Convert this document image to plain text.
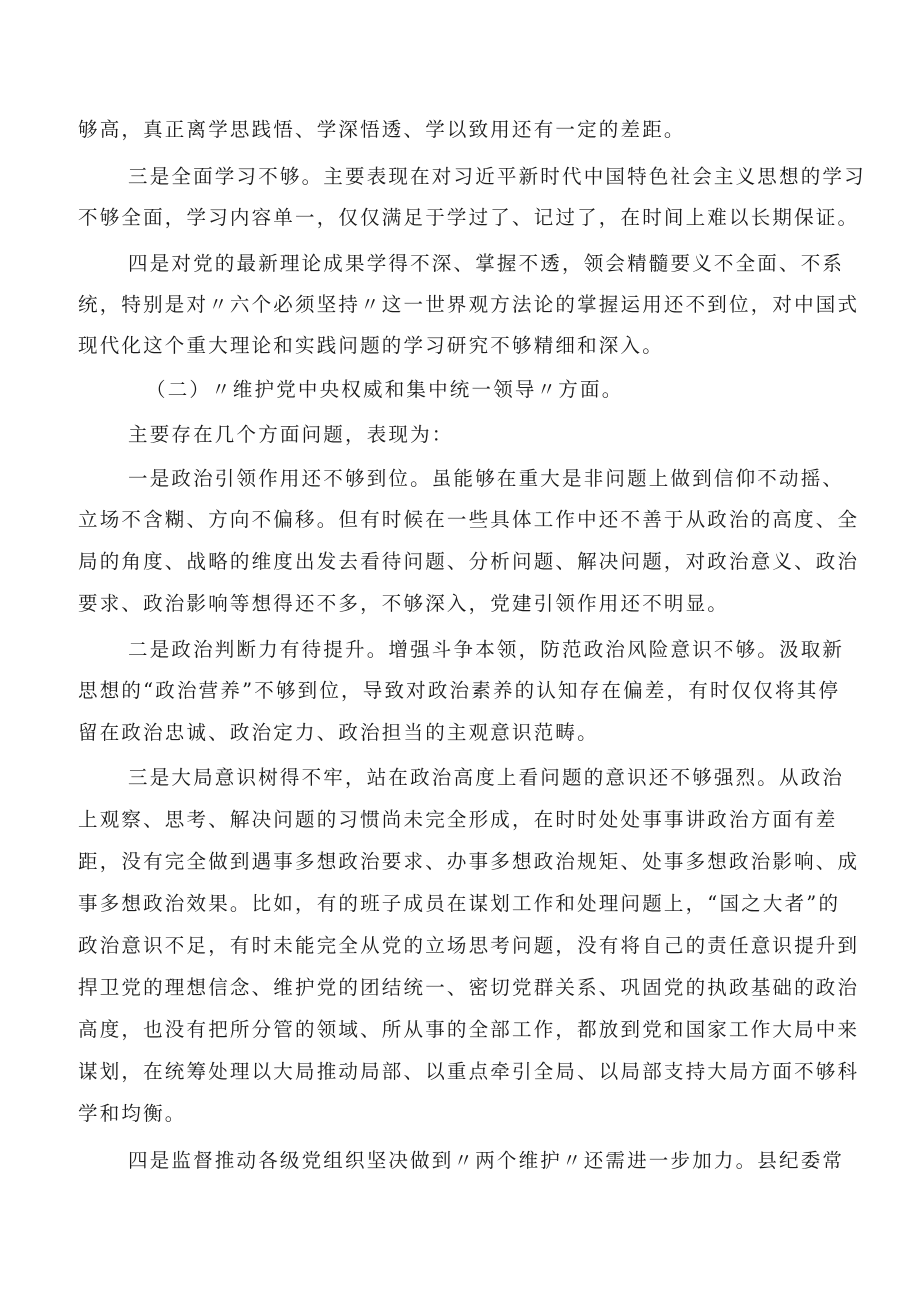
够高，真正离学思践悟、学深悟透、学以致用还有一定的差距。
三是全面学习不够。主要表现在对习近平新时代中国特色社会主义思想的学习
不够全面，学习内容单一，仅仅满足于学过了、记过了，在时间上难以长期保证。
四是对党的最新理论成果学得不深、掌握不透，领会精髓要义不全面、不系
统，特别是对〃六个必须坚持〃这一世界观方法论的掌握运用还不到位，对中国式
现代化这个重大理论和实践问题的学习研究不够精细和深入。
（二）〃维护党中央权威和集中统一领导〃方面。
主要存在几个方面问题，表现为：
一是政治引领作用还不够到位。虽能够在重大是非问题上做到信仰不动摇、
立场不含糊、方向不偏移。但有时候在一些具体工作中还不善于从政治的高度、全
局的角度、战略的维度出发去看待问题、分析问题、解决问题，对政治意义、政治
要求、政治影响等想得还不多，不够深入，党建引领作用还不明显。
二是政治判断力有待提升。增强斗争本领，防范政治风险意识不够。汲取新
思想的“政治营养”不够到位，导致对政治素养的认知存在偏差，有时仅仅将其停
留在政治忠诚、政治定力、政治担当的主观意识范畴。
三是大局意识树得不牢，站在政治高度上看问题的意识还不够强烈。从政治
上观察、思考、解决问题的习惯尚未完全形成，在时时处处事事讲政治方面有差
距，没有完全做到遇事多想政治要求、办事多想政治规矩、处事多想政治影响、成
事多想政治效果。比如，有的班子成员在谋划工作和处理问题上，“国之大者”的
政治意识不足，有时未能完全从党的立场思考问题，没有将自己的责任意识提升到
捍卫党的理想信念、维护党的团结统一、密切党群关系、巩固党的执政基础的政治
高度，也没有把所分管的领域、所从事的全部工作，都放到党和国家工作大局中来
谋划，在统筹处理以大局推动局部、以重点牵引全局、以局部支持大局方面不够科
学和均衡。
四是监督推动各级党组织坚决做到〃两个维护〃还需进一步加力。县纪委常
